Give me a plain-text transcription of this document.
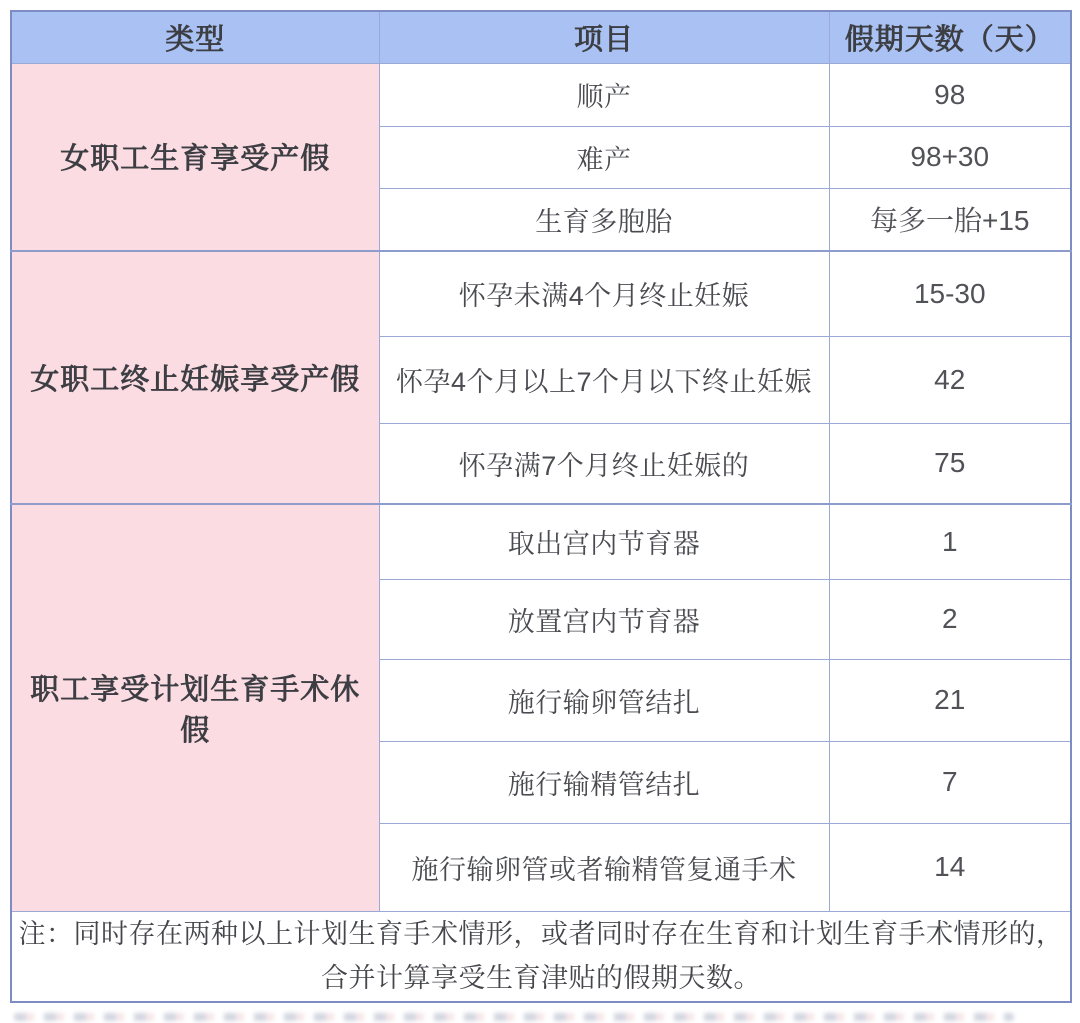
类型	项目	假期天数（天）
女职工生育享受产假	顺产	98
	难产	98+30
	生育多胞胎	每多一胎+15
女职工终止妊娠享受产假	怀孕未满4个月终止妊娠	15-30
	怀孕4个月以上7个月以下终止妊娠	42
	怀孕满7个月终止妊娠的	75
职工享受计划生育手术休假	取出宫内节育器	1
	放置宫内节育器	2
	施行输卵管结扎	21
	施行输精管结扎	7
	施行输卵管或者输精管复通手术	14
注：同时存在两种以上计划生育手术情形，或者同时存在生育和计划生育手术情形的，合并计算享受生育津贴的假期天数。		
